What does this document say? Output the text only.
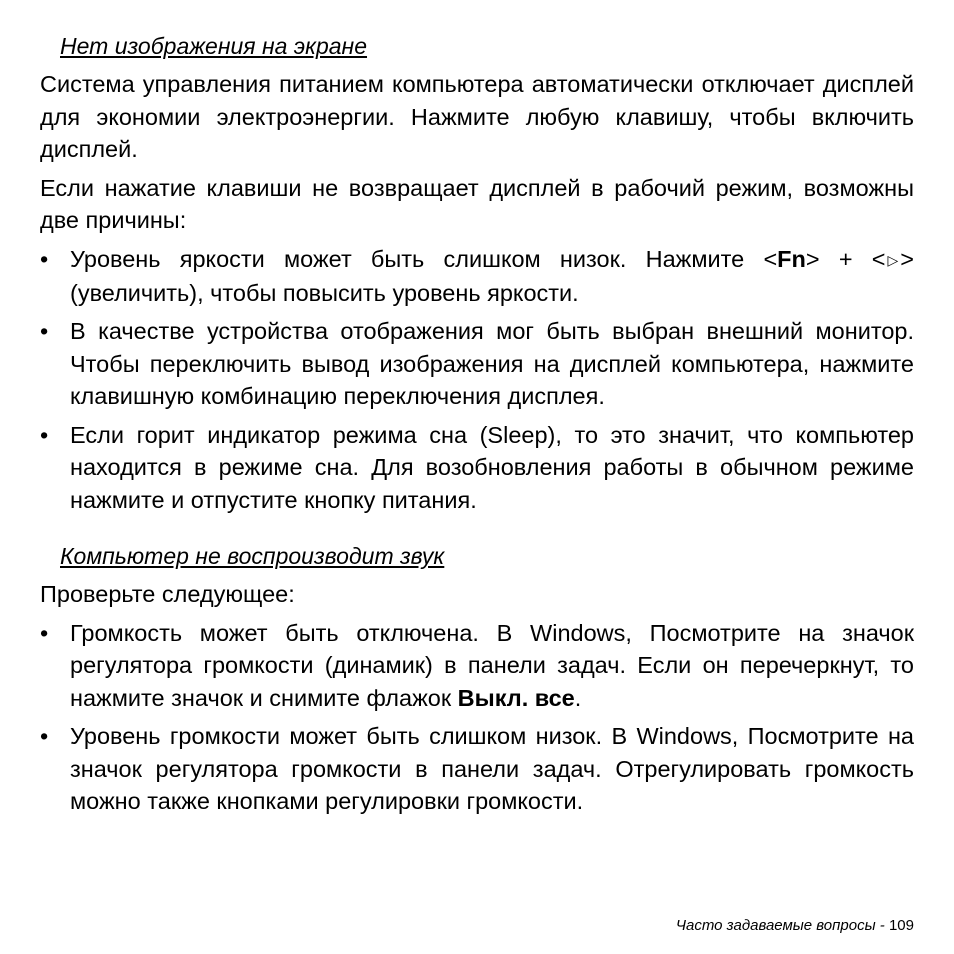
Нет изображения на экране

Система управления питанием компьютера автоматически отключает дисплей для экономии электроэнергии. Нажмите любую клавишу, чтобы включить дисплей.

Если нажатие клавиши не возвращает дисплей в рабочий режим, возможны две причины:

• Уровень яркости может быть слишком низок. Нажмите <Fn> + < ▷> (увеличить), чтобы повысить уровень яркости.
• В качестве устройства отображения мог быть выбран внешний монитор. Чтобы переключить вывод изображения на дисплей компьютера, нажмите клавишную комбинацию переключения дисплея.
• Если горит индикатор режима сна (Sleep), то это значит, что компьютер находится в режиме сна. Для возобновления работы в обычном режиме нажмите и отпустите кнопку питания.
Компьютер не воспроизводит звук

Проверьте следующее:

• Громкость может быть отключена. В Windows, Посмотрите на значок регулятора громкости (динамик) в панели задач. Если он перечеркнут, то нажмите значок и снимите флажок Выкл. все.
• Уровень громкости может быть слишком низок. В Windows, Посмотрите на значок регулятора громкости в панели задач. Отрегулировать громкость можно также кнопками регулировки громкости.
Часто задаваемые вопросы - 109
